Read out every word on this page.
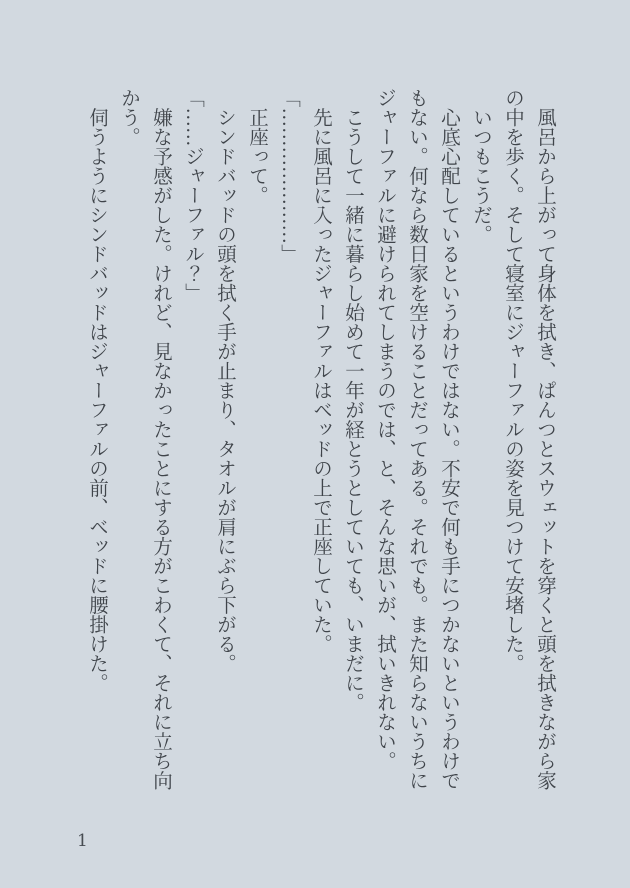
　風呂から上がって身体を拭き、ぱんつとスウェットを穿くと頭を拭きながら家の中を歩く。そして寝室にジャーファルの姿を見つけて安堵した。

　いつもこうだ。

　心底心配しているというわけではない。不安で何も手につかないというわけでもない。何なら数日家を空けることだってある。それでも。また知らないうちにジャーファルに避けられてしまうのでは、と、そんな思いが、拭いきれない。

　こうして一緒に暮らし始めて一年が経とうとしていても、いまだに。

　先に風呂に入ったジャーファルはベッドの上で正座していた。

「…………………」

　正座って。

　シンドバッドの頭を拭く手が止まり、タオルが肩にぶら下がる。

「……ジャーファル？」

　嫌な予感がした。けれど、見なかったことにする方がこわくて、それに立ち向かう。

　伺うようにシンドバッドはジャーファルの前、ベッドに腰掛けた。

1
